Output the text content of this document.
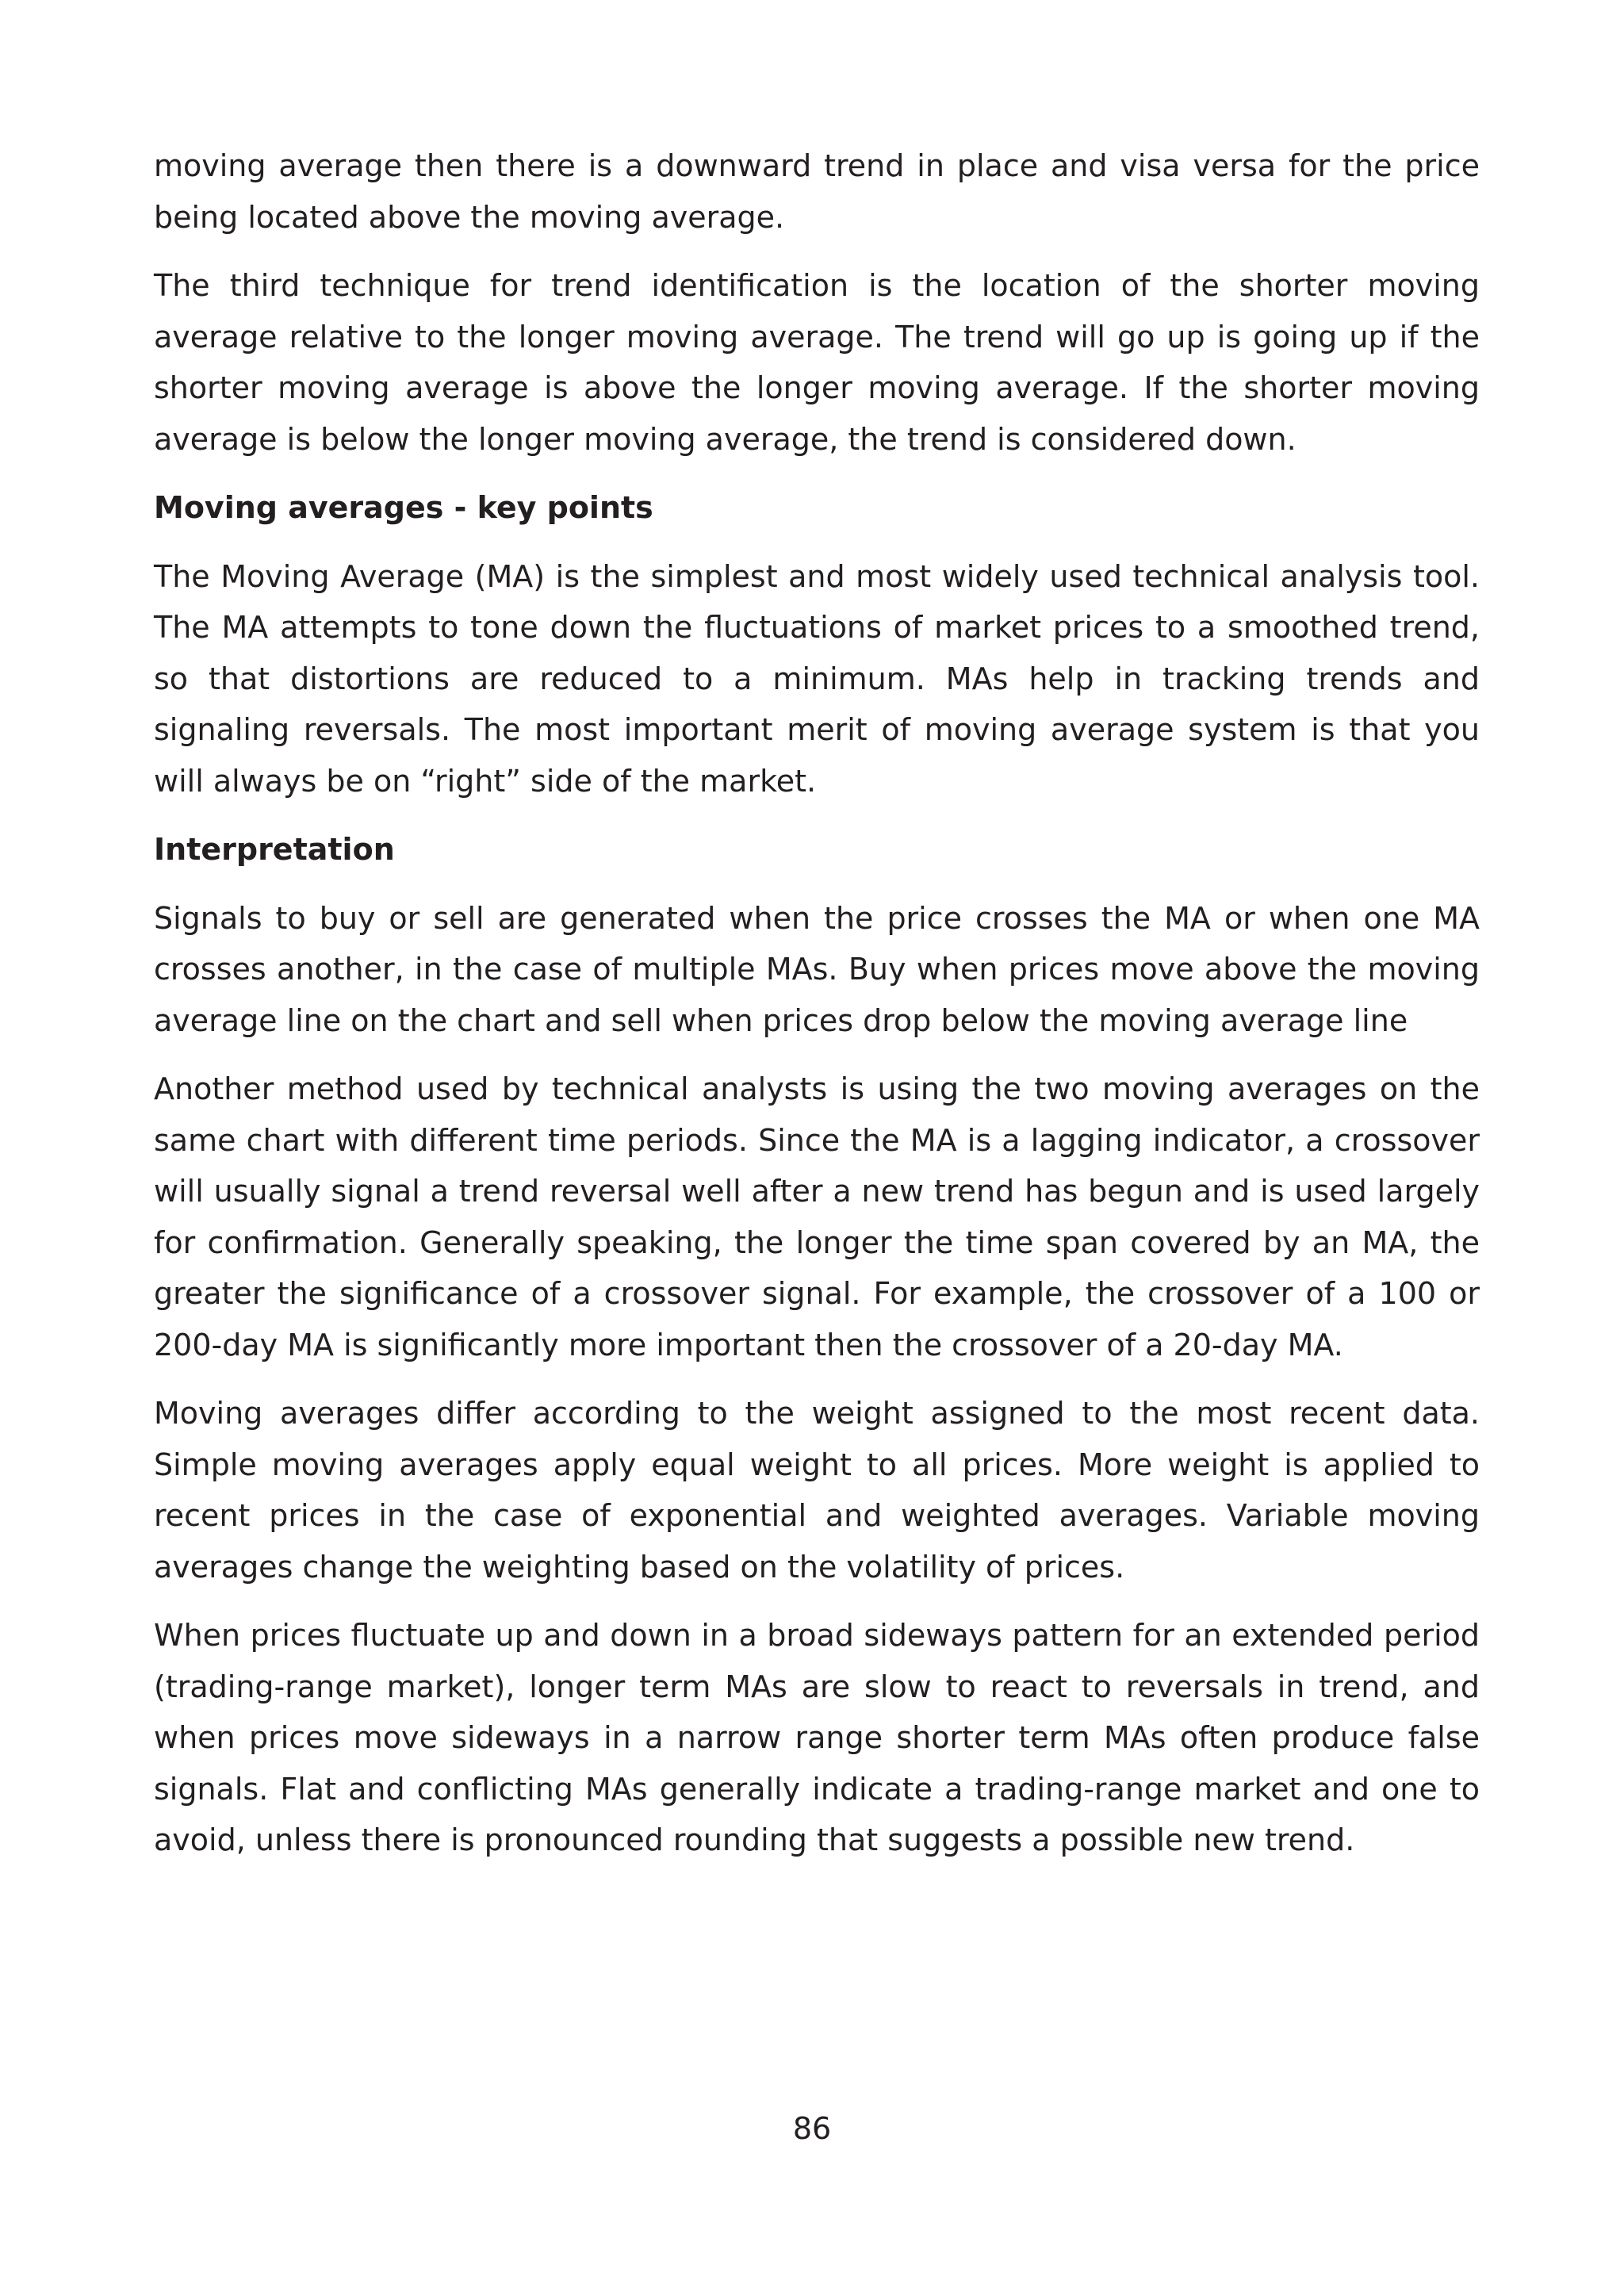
moving average then there is a downward trend in place and visa versa for the price being located above the moving average.

The third technique for trend identification is the location of the shorter moving average relative to the longer moving average. The trend will go up is going up if the shorter moving average is above the longer moving average. If the shorter moving average is below the longer moving average, the trend is considered down.

Moving averages - key points

The Moving Average (MA) is the simplest and most widely used technical analysis tool. The MA attempts to tone down the fluctuations of market prices to a smoothed trend, so that distortions are reduced to a minimum. MAs help in tracking trends and signaling reversals. The most important merit of moving average system is that you will always be on “right” side of the market.

Interpretation

Signals to buy or sell are generated when the price crosses the MA or when one MA crosses another, in the case of multiple MAs. Buy when prices move above the moving average line on the chart and sell when prices drop below the moving average line

Another method used by technical analysts is using the two moving averages on the same chart with different time periods. Since the MA is a lagging indicator, a crossover will usually signal a trend reversal well after a new trend has begun and is used largely for confirmation. Generally speaking, the longer the time span covered by an MA, the greater the significance of a crossover signal. For example, the crossover of a 100 or 200-day MA is significantly more important then the crossover of a 20-day MA.

Moving averages differ according to the weight assigned to the most recent data. Simple moving averages apply equal weight to all prices. More weight is applied to recent prices in the case of exponential and weighted averages. Variable moving averages change the weighting based on the volatility of prices.

When prices fluctuate up and down in a broad sideways pattern for an extended period (trading-range market), longer term MAs are slow to react to reversals in trend, and when prices move sideways in a narrow range shorter term MAs often produce false signals. Flat and conflicting MAs generally indicate a trading-range market and one to avoid, unless there is pronounced rounding that suggests a possible new trend.

86
